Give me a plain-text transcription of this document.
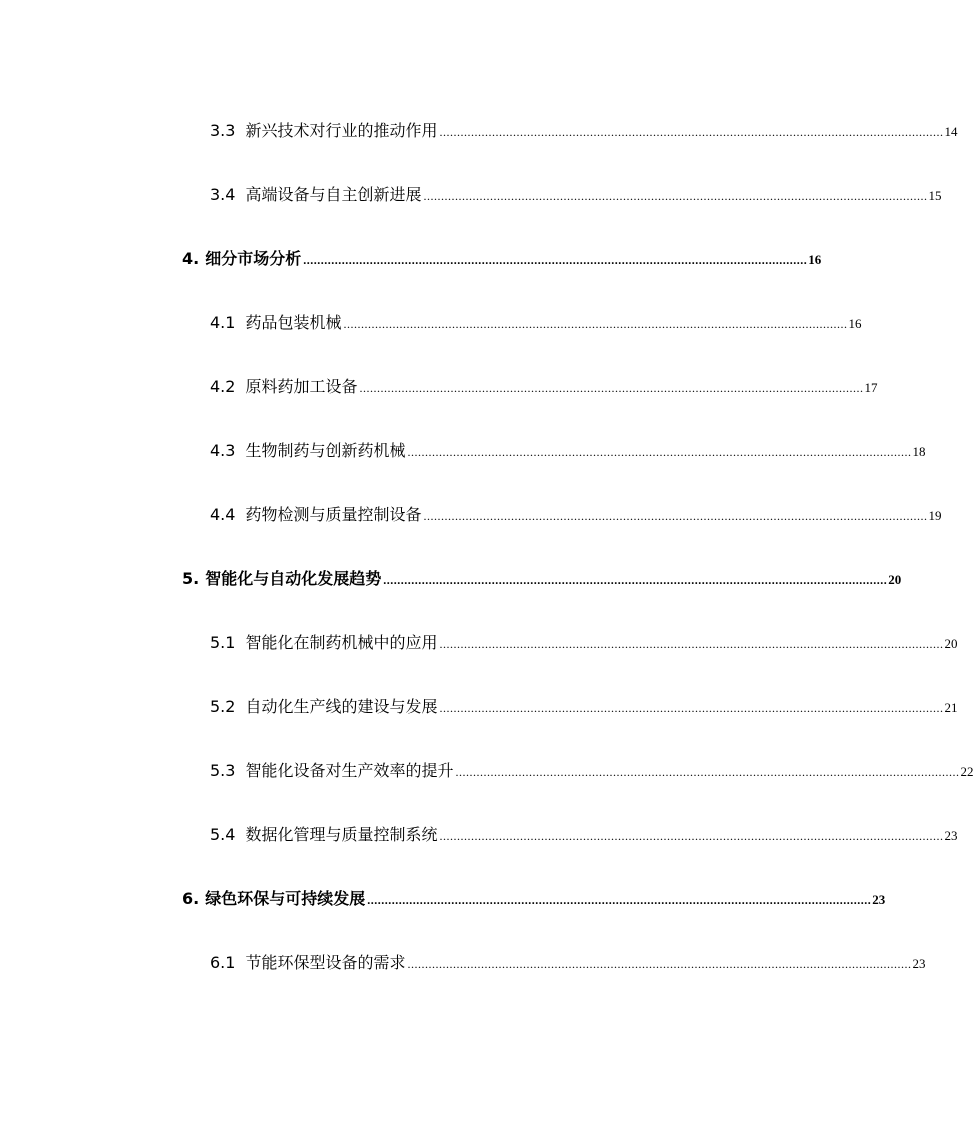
3.3 新兴技术对行业的推动作用 ................................................................................................................................................ 14
3.4 高端设备与自主创新进展 ................................................................................................................................................ 15
4. 细分市场分析 ................................................................................................................................................ 16
4.1 药品包装机械 ................................................................................................................................................ 16
4.2 原料药加工设备 ................................................................................................................................................ 17
4.3 生物制药与创新药机械 ................................................................................................................................................ 18
4.4 药物检测与质量控制设备 ................................................................................................................................................ 19
5. 智能化与自动化发展趋势 ................................................................................................................................................ 20
5.1 智能化在制药机械中的应用 ................................................................................................................................................ 20
5.2 自动化生产线的建设与发展 ................................................................................................................................................ 21
5.3 智能化设备对生产效率的提升 ................................................................................................................................................ 22
5.4 数据化管理与质量控制系统 ................................................................................................................................................ 23
6. 绿色环保与可持续发展 ................................................................................................................................................ 23
6.1 节能环保型设备的需求 ................................................................................................................................................ 23
